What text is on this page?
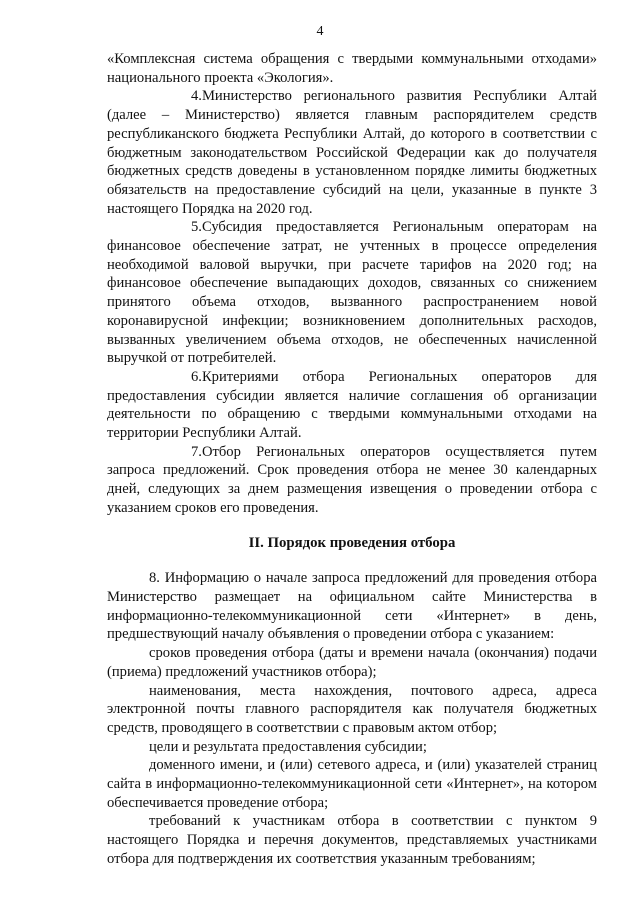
4

«Комплексная система обращения с твердыми коммунальными отходами» национального проекта «Экология».

4.Министерство регионального развития Республики Алтай (далее – Министерство) является главным распорядителем средств республиканского бюджета Республики Алтай, до которого в соответствии с бюджетным законодательством Российской Федерации как до получателя бюджетных средств доведены в установленном порядке лимиты бюджетных обязательств на предоставление субсидий на цели, указанные в пункте 3 настоящего Порядка на 2020 год.

5.Субсидия предоставляется Региональным операторам на финансовое обеспечение затрат, не учтенных в процессе определения необходимой валовой выручки, при расчете тарифов на 2020 год; на финансовое обеспечение выпадающих доходов, связанных со снижением принятого объема отходов, вызванного распространением новой коронавирусной инфекции; возникновением дополнительных расходов, вызванных увеличением объема отходов, не обеспеченных начисленной выручкой от потребителей.

6.Критериями отбора Региональных операторов для предоставления субсидии является наличие соглашения об организации деятельности по обращению с твердыми коммунальными отходами на территории Республики Алтай.

7.Отбор Региональных операторов осуществляется путем запроса предложений. Срок проведения отбора не менее 30 календарных дней, следующих за днем размещения извещения о проведении отбора с указанием сроков его проведения.

II. Порядок проведения отбора

8. Информацию о начале запроса предложений для проведения отбора Министерство размещает на официальном сайте Министерства в информационно-телекоммуникационной сети «Интернет» в день, предшествующий началу объявления о проведении отбора с указанием:

сроков проведения отбора (даты и времени начала (окончания) подачи (приема) предложений участников отбора);

наименования, места нахождения, почтового адреса, адреса электронной почты главного распорядителя как получателя бюджетных средств, проводящего в соответствии с правовым актом отбор;

цели и результата предоставления субсидии;

доменного имени, и (или) сетевого адреса, и (или) указателей страниц сайта в информационно-телекоммуникационной сети «Интернет», на котором обеспечивается проведение отбора;

требований к участникам отбора в соответствии с пунктом 9 настоящего Порядка и перечня документов, представляемых участниками отбора для подтверждения их соответствия указанным требованиям;
